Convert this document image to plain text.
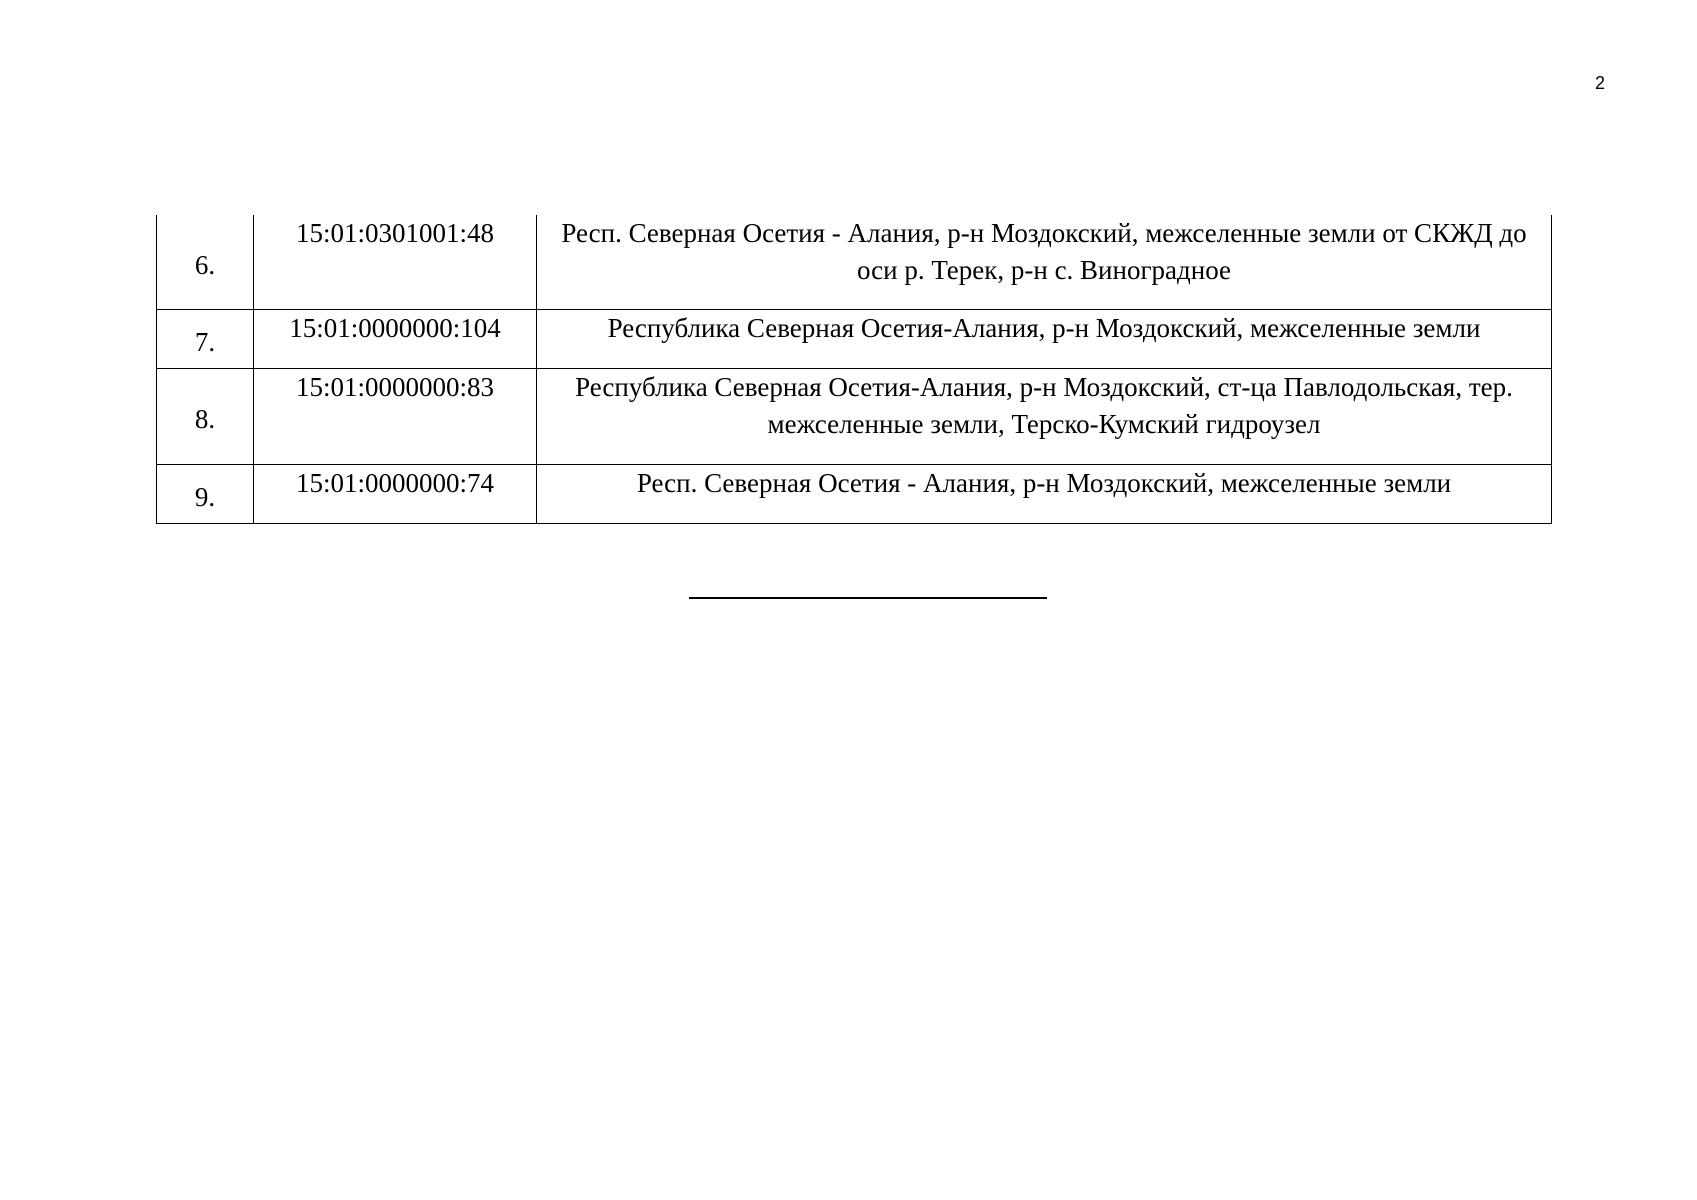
2
6.	15:01:0301001:48	Респ. Северная Осетия - Алания, р-н Моздокский, межселенные земли от СКЖД до оси р. Терек, р-н с. Виноградное

7.	15:01:0000000:104	Республика Северная Осетия-Алания, р-н Моздокский, межселенные земли

8.	15:01:0000000:83	Республика Северная Осетия-Алания, р-н Моздокский, ст-ца Павлодольская, тер. межселенные земли, Терско-Кумский гидроузел

9.	15:01:0000000:74	Респ. Северная Осетия - Алания, р-н Моздокский, межселенные земли
